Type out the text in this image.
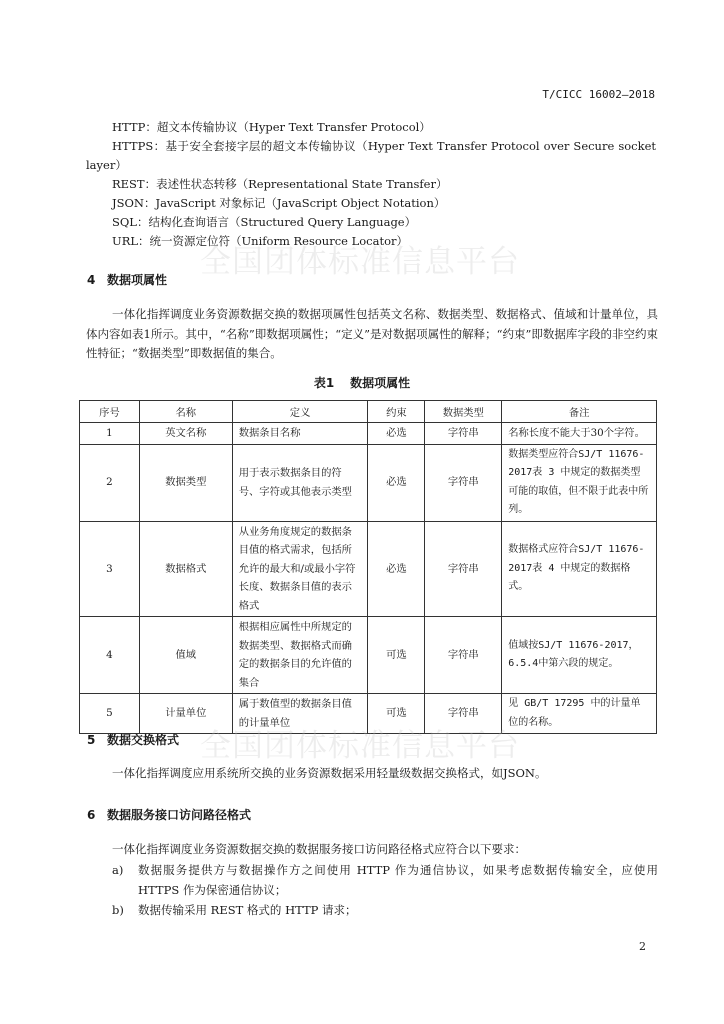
T/CICC 16002—2018
HTTP：超文本传输协议（Hyper Text Transfer Protocol）
HTTPS：基于安全套接字层的超文本传输协议（Hyper Text Transfer Protocol over Secure socket layer）
REST：表述性状态转移（Representational State Transfer）
JSON：JavaScript 对象标记（JavaScript Object Notation）
SQL：结构化查询语言（Structured Query Language）
URL：统一资源定位符（Uniform Resource Locator）
全国团体标准信息平台
4 数据项属性
一体化指挥调度业务资源数据交换的数据项属性包括英文名称、数据类型、数据格式、值域和计量单位，具体内容如表1所示。其中，“名称”即数据项属性；“定义”是对数据项属性的解释；“约束”即数据库字段的非空约束性特征；“数据类型”即数据值的集合。
表1 数据项属性
序号	名称	定义	约束	数据类型	备注
1	英文名称	数据条目名称	必选	字符串	名称长度不能大于30个字符。
2	数据类型	用于表示数据条目的符号、字符或其他表示类型	必选	字符串	数据类型应符合SJ/T 11676-2017表 3 中规定的数据类型可能的取值，但不限于此表中所列。
3	数据格式	从业务角度规定的数据条目值的格式需求，包括所允许的最大和/或最小字符长度、数据条目值的表示格式	必选	字符串	数据格式应符合SJ/T 11676-2017表 4 中规定的数据格式。
4	值域	根据相应属性中所规定的数据类型、数据格式而确定的数据条目的允许值的集合	可选	字符串	值域按SJ/T 11676-2017，6.5.4中第六段的规定。
5	计量单位	属于数值型的数据条目值的计量单位	可选	字符串	见 GB/T 17295 中的计量单位的名称。
5 数据交换格式 全国团体标准信息平台
一体化指挥调度应用系统所交换的业务资源数据采用轻量级数据交换格式，如JSON。
6 数据服务接口访问路径格式
一体化指挥调度业务资源数据交换的数据服务接口访问路径格式应符合以下要求：
a) 数据服务提供方与数据操作方之间使用 HTTP 作为通信协议，如果考虑数据传输安全，应使用 HTTPS 作为保密通信协议；
b) 数据传输采用 REST 格式的 HTTP 请求；
2
